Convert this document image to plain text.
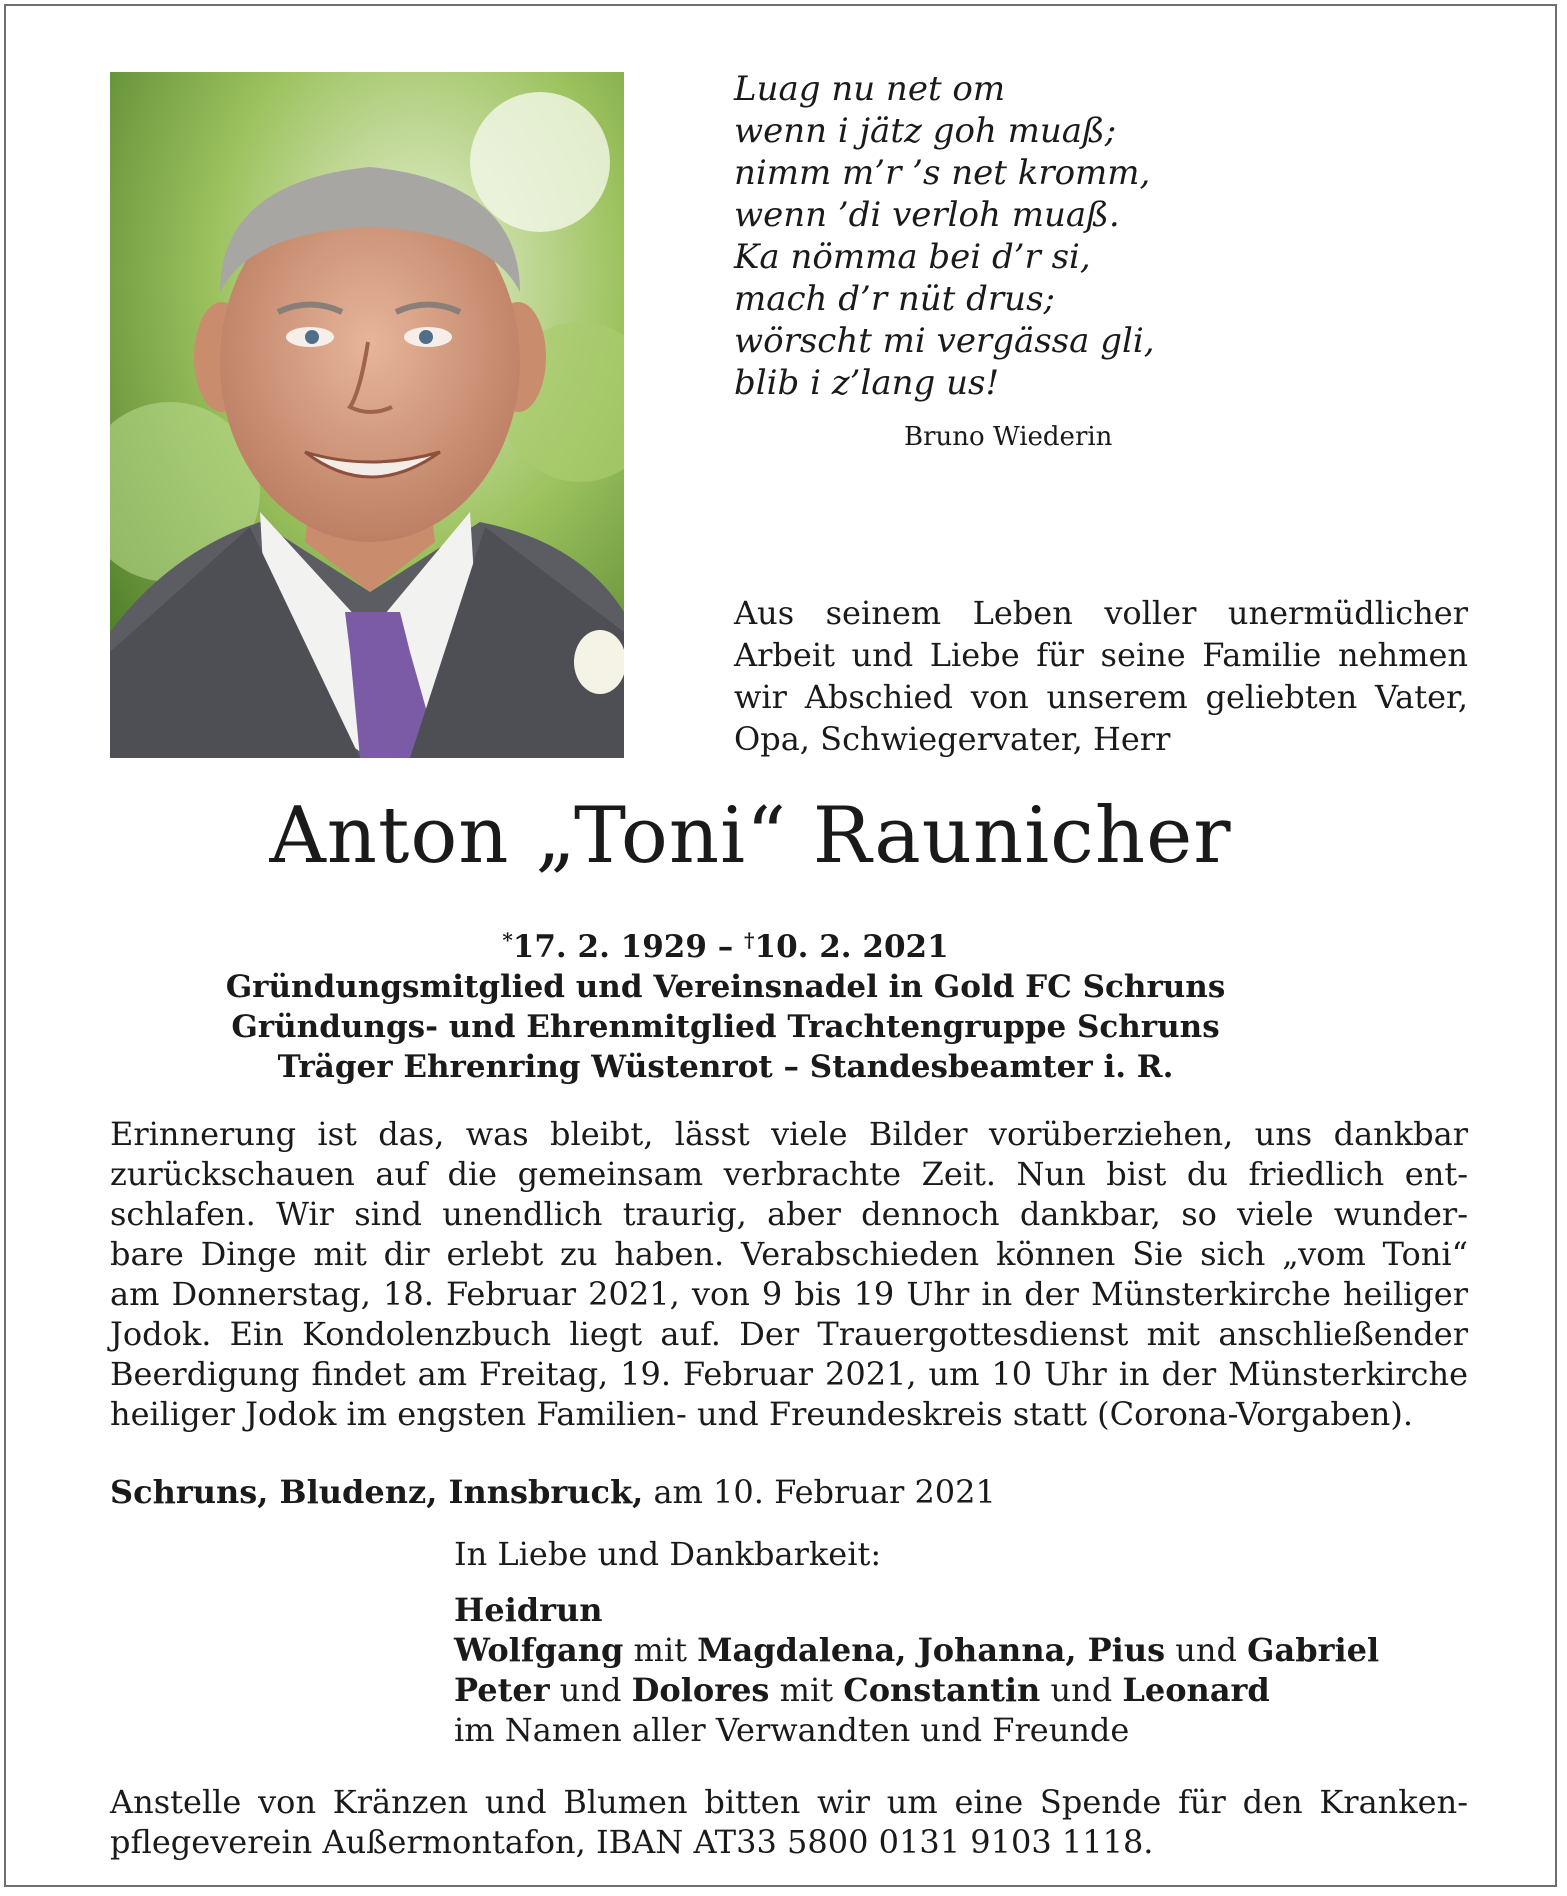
Luag nu net om
wenn i jätz goh muaß;
nimm m’r ’s net kromm,
wenn ’di verloh muaß.
Ka nömma bei d’r si,
mach d’r nüt drus;
wörscht mi vergässa gli,
blib i z’lang us!
Bruno Wiederin
Aus seinem Leben voller unermüdlicher
Arbeit und Liebe für seine Familie nehmen
wir Abschied von unserem geliebten Vater,
Opa, Schwiegervater, Herr
Anton „Toni“ Raunicher
*17. 2. 1929 – †10. 2. 2021
Gründungsmitglied und Vereinsnadel in Gold FC Schruns
Gründungs- und Ehrenmitglied Trachtengruppe Schruns
Träger Ehrenring Wüstenrot – Standesbeamter i. R.
Erinnerung ist das, was bleibt, lässt viele Bilder vorüberziehen, uns dankbar
zurückschauen auf die gemeinsam verbrachte Zeit. Nun bist du friedlich ent-
schlafen. Wir sind unendlich traurig, aber dennoch dankbar, so viele wunder-
bare Dinge mit dir erlebt zu haben. Verabschieden können Sie sich „vom Toni“
am Donnerstag, 18. Februar 2021, von 9 bis 19 Uhr in der Münsterkirche heiliger
Jodok. Ein Kondolenzbuch liegt auf. Der Trauergottesdienst mit anschließender
Beerdigung findet am Freitag, 19. Februar 2021, um 10 Uhr in der Münsterkirche
heiliger Jodok im engsten Familien- und Freundeskreis statt (Corona-Vorgaben).
Schruns, Bludenz, Innsbruck, am 10. Februar 2021
In Liebe und Dankbarkeit:
Heidrun
Wolfgang mit Magdalena, Johanna, Pius und Gabriel
Peter und Dolores mit Constantin und Leonard
im Namen aller Verwandten und Freunde
Anstelle von Kränzen und Blumen bitten wir um eine Spende für den Kranken-
pflegeverein Außermontafon, IBAN AT33 5800 0131 9103 1118.
